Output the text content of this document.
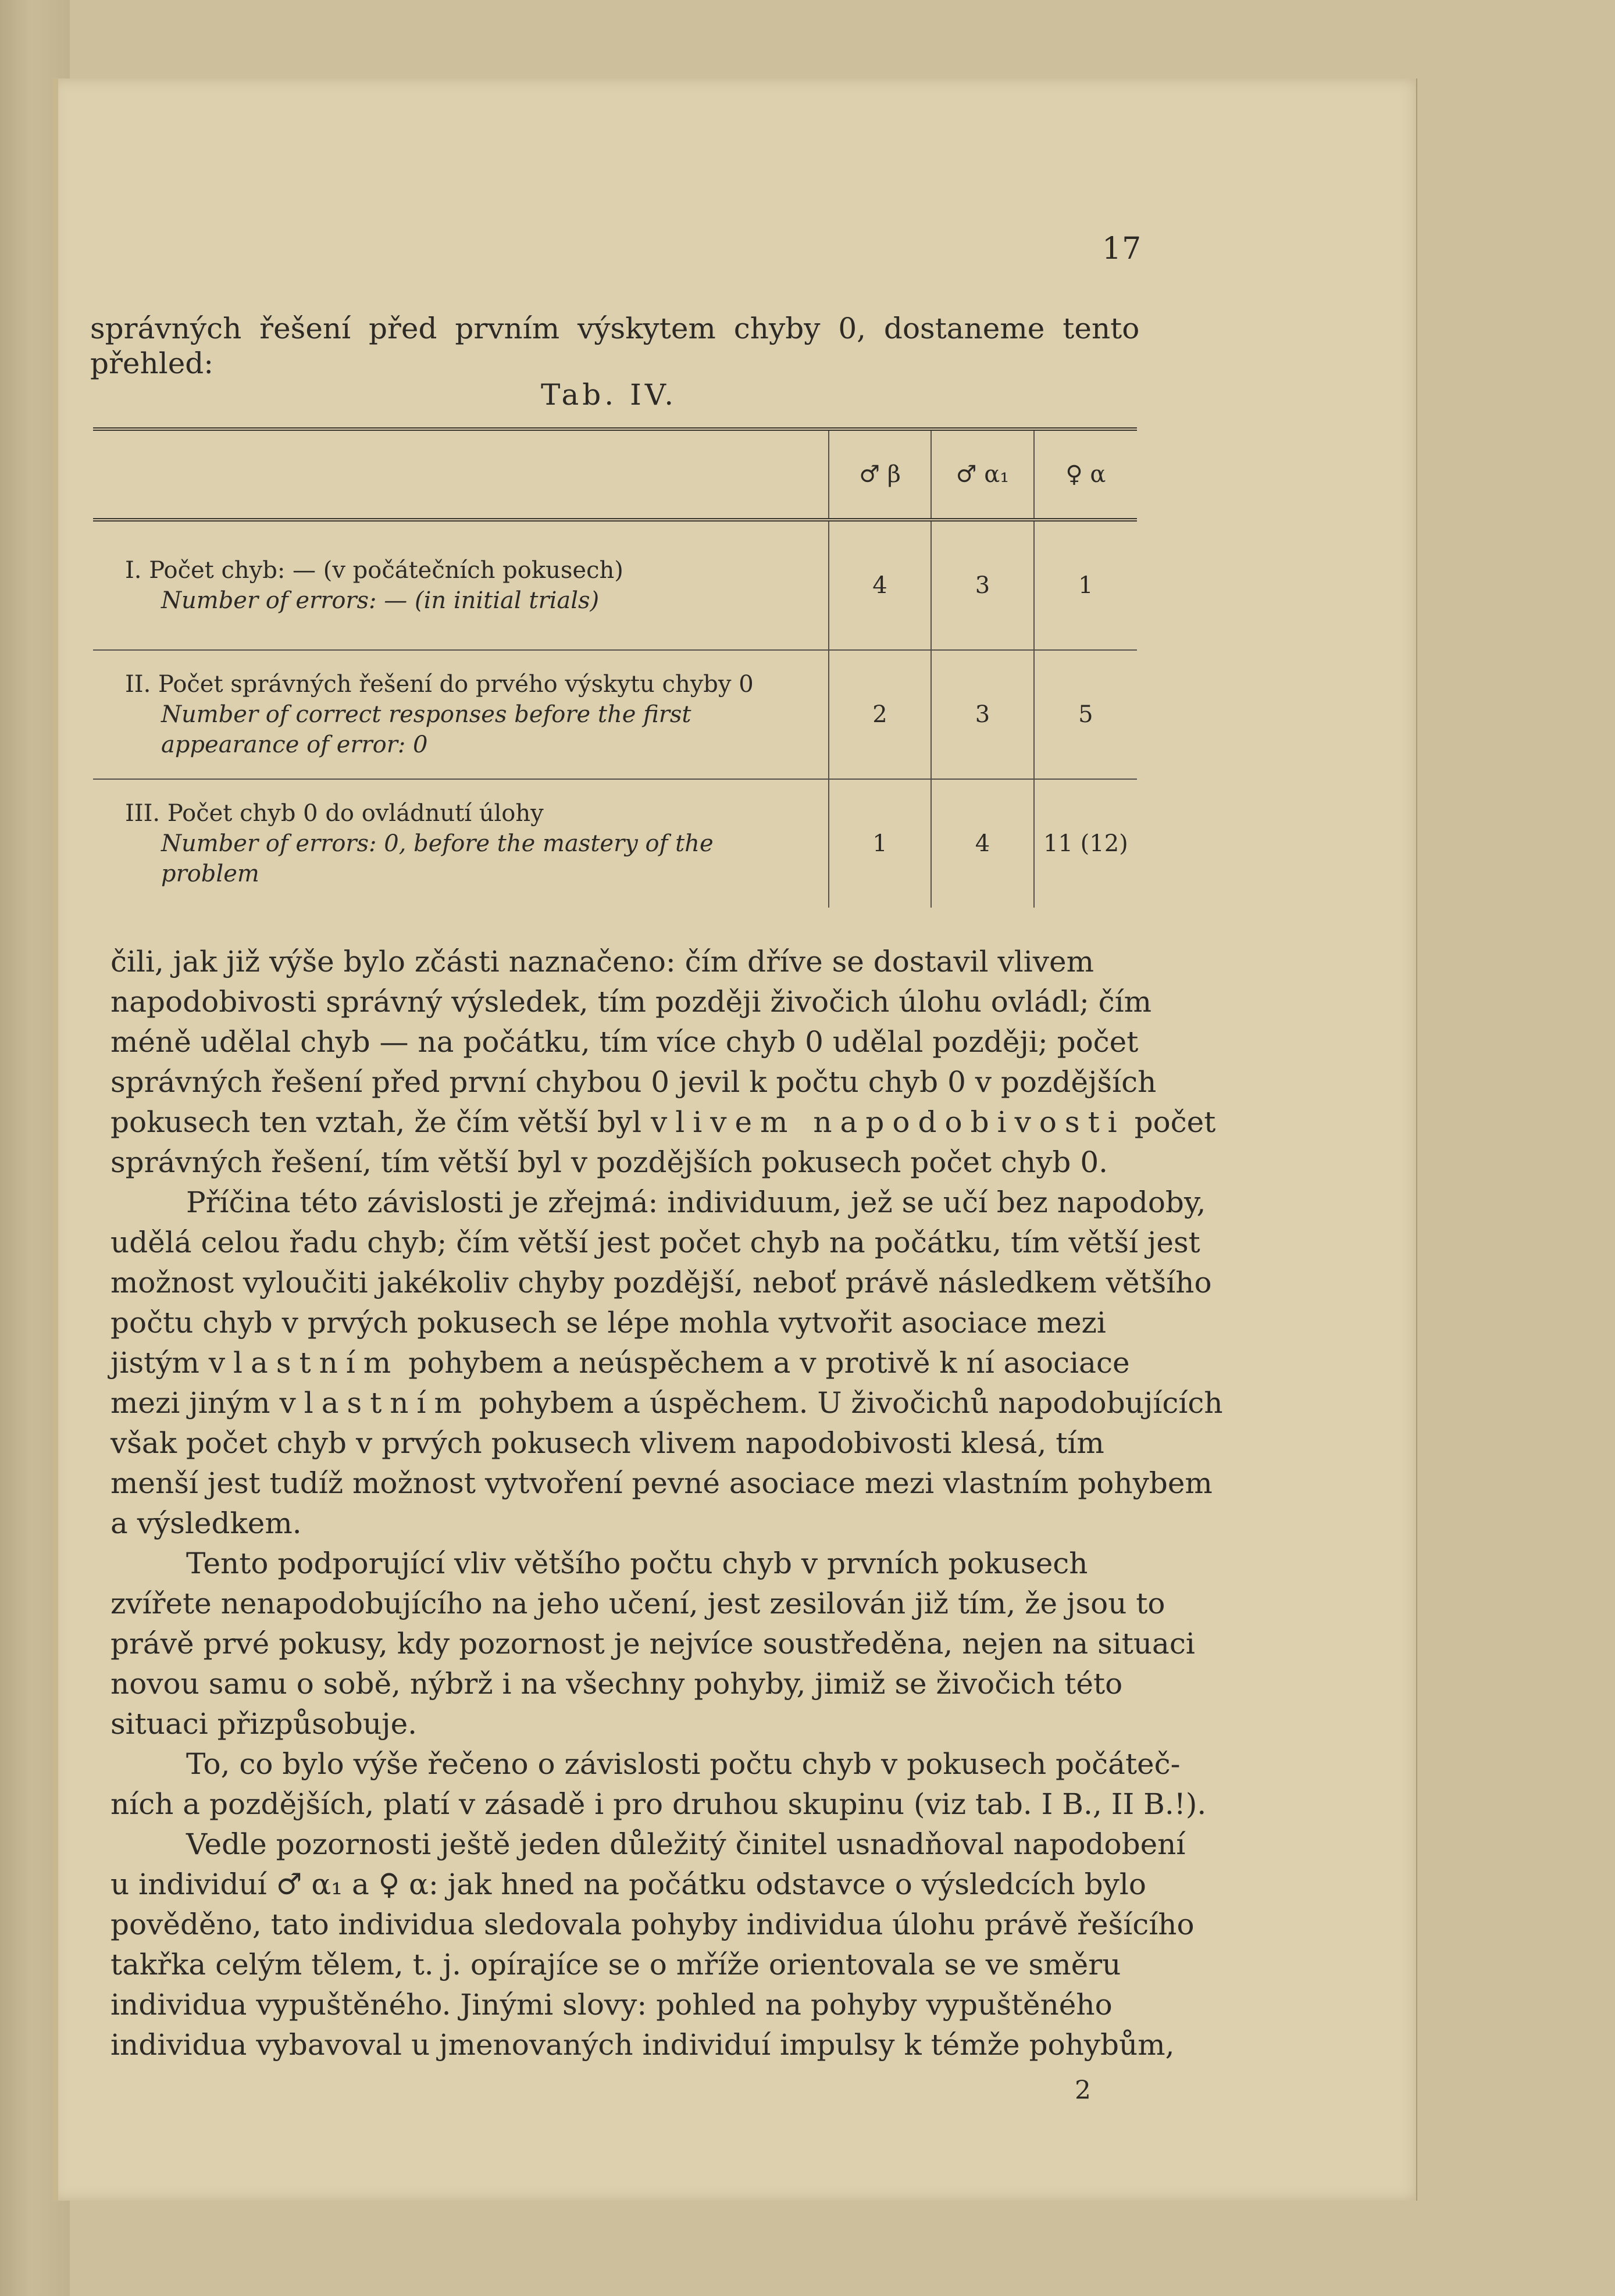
17
správných řešení před prvním výskytem chyby 0, dostaneme tento
přehled:
Tab. IV.
	♂ β	♂ α₁	♀ α

I. Počet chyb: — (v počátečních pokusech)
Number of errors: — (in initial trials)	4	3	1

II. Počet správných řešení do prvého výskytu chyby 0
Number of correct responses before the first
appearance of error: 0	2	3	5

III. Počet chyb 0 do ovládnutí úlohy
Number of errors: 0, before the mastery of the
problem	1	4	11 (12)
čili, jak již výše bylo zčásti naznačeno: čím dříve se dostavil vlivem
napodobivosti správný výsledek, tím později živočich úlohu ovládl; čím
méně udělal chyb — na počátku, tím více chyb 0 udělal později; počet
správných řešení před první chybou 0 jevil k počtu chyb 0 v pozdějších
pokusech ten vztah, že čím větší byl vlivem napodobivosti počet
správných řešení, tím větší byl v pozdějších pokusech počet chyb 0.
Příčina této závislosti je zřejmá: individuum, jež se učí bez napodoby,
udělá celou řadu chyb; čím větší jest počet chyb na počátku, tím větší jest
možnost vyloučiti jakékoliv chyby pozdější, neboť právě následkem většího
počtu chyb v prvých pokusech se lépe mohla vytvořit asociace mezi
jistým vlastním pohybem a neúspěchem a v protivě k ní asociace
mezi jiným vlastním pohybem a úspěchem. U živočichů napodobujících
však počet chyb v prvých pokusech vlivem napodobivosti klesá, tím
menší jest tudíž možnost vytvoření pevné asociace mezi vlastním pohybem
a výsledkem.
Tento podporující vliv většího počtu chyb v prvních pokusech
zvířete nenapodobujícího na jeho učení, jest zesilován již tím, že jsou to
právě prvé pokusy, kdy pozornost je nejvíce soustředěna, nejen na situaci
novou samu o sobě, nýbrž i na všechny pohyby, jimiž se živočich této
situaci přizpůsobuje.
To, co bylo výše řečeno o závislosti počtu chyb v pokusech počáteč-
ních a pozdějších, platí v zásadě i pro druhou skupinu (viz tab. I B., II B.!).
Vedle pozornosti ještě jeden důležitý činitel usnadňoval napodobení
u individuí ♂ α₁ a ♀ α: jak hned na počátku odstavce o výsledcích bylo
pověděno, tato individua sledovala pohyby individua úlohu právě řešícího
takřka celým tělem, t. j. opírajíce se o mříže orientovala se ve směru
individua vypuštěného. Jinými slovy: pohled na pohyby vypuštěného
individua vybavoval u jmenovaných individuí impulsy k témže pohybům,
2
